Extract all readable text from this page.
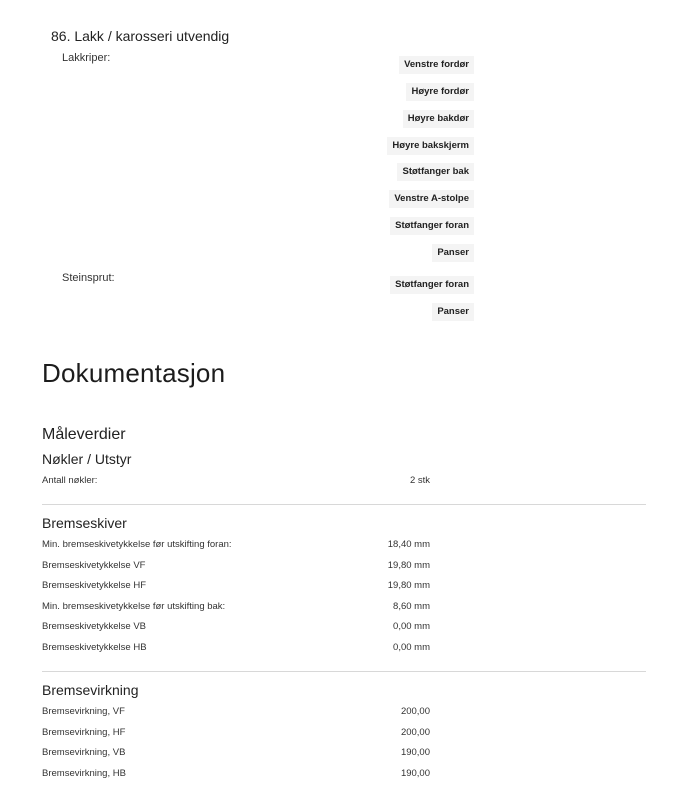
86. Lakk / karosseri utvendig
Lakkriper:
Venstre fordør
Høyre fordør
Høyre bakdør
Høyre bakskjerm
Støtfanger bak
Venstre A-stolpe
Støtfanger foran
Panser
Steinsprut:
Støtfanger foran
Panser
Dokumentasjon
Måleverdier
Nøkler / Utstyr
Antall nøkler:	2 stk
Bremseskiver
Min. bremseskivetykkelse før utskifting foran:	18,40 mm
Bremseskivetykkelse VF	19,80 mm
Bremseskivetykkelse HF	19,80 mm
Min. bremseskivetykkelse før utskifting bak:	8,60 mm
Bremseskivetykkelse VB	0,00 mm
Bremseskivetykkelse HB	0,00 mm
Bremsevirkning
Bremsevirkning, VF	200,00
Bremsevirkning, HF	200,00
Bremsevirkning, VB	190,00
Bremsevirkning, HB	190,00
